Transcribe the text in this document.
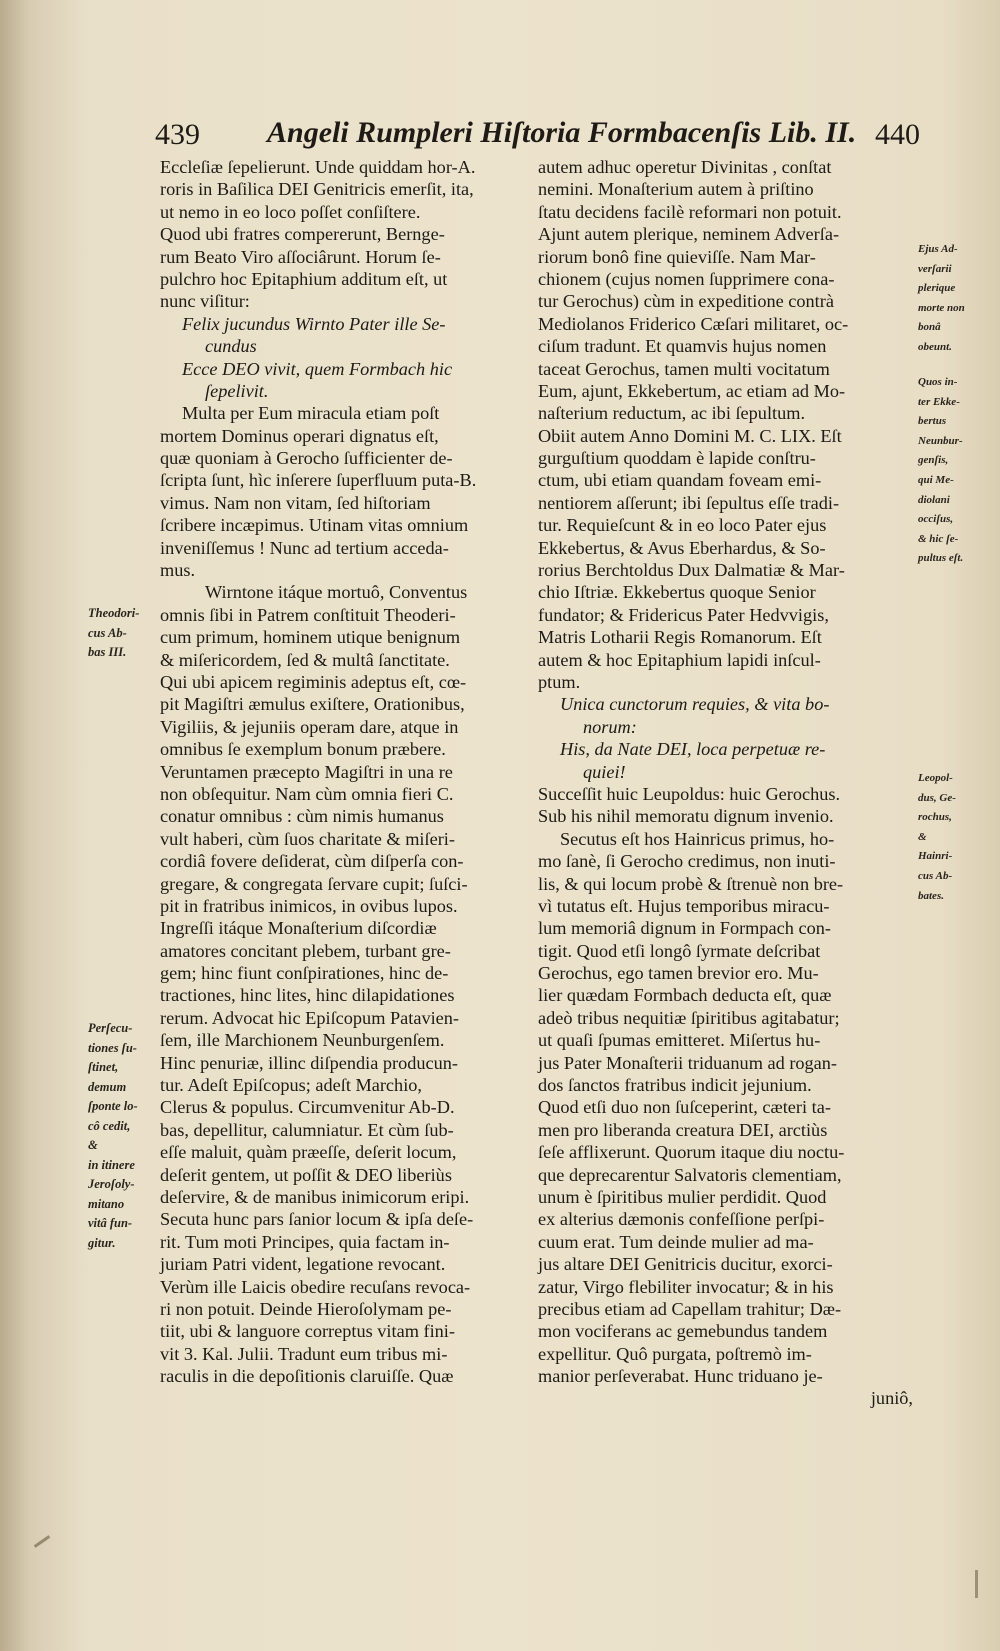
439 Angeli Rumpleri Hiſtoria Formbacenſis Lib. II. 440
Eccleſiæ ſepelierunt. Unde quiddam hor-A.
roris in Baſilica DEI Genitricis emerſit, ita,
ut nemo in eo loco poſſet conſiſtere.
Quod ubi fratres compererunt, Bernge-
rum Beato Viro aſſociârunt. Horum ſe-
pulchro hoc Epitaphium additum eſt, ut
nunc viſitur:
Felix jucundus Wirnto Pater ille Se-
cundus
Ecce DEO vivit, quem Formbach hic
ſepelivit.
Multa per Eum miracula etiam poſt
mortem Dominus operari dignatus eſt,
quæ quoniam à Gerocho ſufficienter de-
ſcripta ſunt, hìc inſerere ſuperfluum puta-B.
vimus. Nam non vitam, ſed hiſtoriam
ſcribere incæpimus. Utinam vitas omnium
inveniſſemus ! Nunc ad tertium acceda-
mus.
Wirntone itáque mortuô, Conventus
omnis ſibi in Patrem conſtituit Theoderi-
cum primum, hominem utique benignum
& miſericordem, ſed & multâ ſanctitate.
Qui ubi apicem regiminis adeptus eſt, cœ-
pit Magiſtri æmulus exiſtere, Orationibus,
Vigiliis, & jejuniis operam dare, atque in
omnibus ſe exemplum bonum præbere.
Veruntamen præcepto Magiſtri in una re
non obſequitur. Nam cùm omnia fieri C.
conatur omnibus : cùm nimis humanus
vult haberi, cùm ſuos charitate & miſeri-
cordiâ fovere deſiderat, cùm diſperſa con-
gregare, & congregata ſervare cupit; ſuſci-
pit in fratribus inimicos, in ovibus lupos.
Ingreſſi itáque Monaſterium diſcordiæ
amatores concitant plebem, turbant gre-
gem; hinc fiunt conſpirationes, hinc de-
tractiones, hinc lites, hinc dilapidationes
rerum. Advocat hic Epiſcopum Patavien-
ſem, ille Marchionem Neunburgenſem.
Hinc penuriæ, illinc diſpendia producun-
tur. Adeſt Epiſcopus; adeſt Marchio,
Clerus & populus. Circumvenitur Ab-D.
bas, depellitur, calumniatur. Et cùm ſub-
eſſe maluit, quàm præeſſe, deſerit locum,
deſerit gentem, ut poſſit & DEO liberiùs
deſervire, & de manibus inimicorum eripi.
Secuta hunc pars ſanior locum & ipſa deſe-
rit. Tum moti Principes, quia factam in-
juriam Patri vident, legatione revocant.
Verùm ille Laicis obedire recuſans revoca-
ri non potuit. Deinde Hieroſolymam pe-
tiit, ubi & languore correptus vitam fini-
vit 3. Kal. Julii. Tradunt eum tribus mi-
raculis in die depoſitionis claruiſſe. Quæ
autem adhuc operetur Divinitas , conſtat
nemini. Monaſterium autem à priſtino
ſtatu decidens facilè reformari non potuit.
Ajunt autem plerique, neminem Adverſa-
riorum bonô fine quieviſſe. Nam Mar-
chionem (cujus nomen ſupprimere cona-
tur Gerochus) cùm in expeditione contrà
Mediolanos Friderico Cæſari militaret, oc-
ciſum tradunt. Et quamvis hujus nomen
taceat Gerochus, tamen multi vocitatum
Eum, ajunt, Ekkebertum, ac etiam ad Mo-
naſterium reductum, ac ibi ſepultum.
Obiit autem Anno Domini M. C. LIX. Eſt
gurguſtium quoddam è lapide conſtru-
ctum, ubi etiam quandam foveam emi-
nentiorem aſſerunt; ibi ſepultus eſſe tradi-
tur. Requieſcunt & in eo loco Pater ejus
Ekkebertus, & Avus Eberhardus, & So-
rorius Berchtoldus Dux Dalmatiæ & Mar-
chio Iſtriæ. Ekkebertus quoque Senior
fundator; & Fridericus Pater Hedvvigis,
Matris Lotharii Regis Romanorum. Eſt
autem & hoc Epitaphium lapidi inſcul-
ptum.
Unica cunctorum requies, & vita bo-
norum:
His, da Nate DEI, loca perpetuæ re-
quiei!
Succeſſit huic Leupoldus: huic Gerochus.
Sub his nihil memoratu dignum invenio.
Secutus eſt hos Hainricus primus, ho-
mo ſanè, ſi Gerocho credimus, non inuti-
lis, & qui locum probè & ſtrenuè non bre-
vì tutatus eſt. Hujus temporibus miracu-
lum memoriâ dignum in Formpach con-
tigit. Quod etſi longô ſyrmate deſcribat
Gerochus, ego tamen brevior ero. Mu-
lier quædam Formbach deducta eſt, quæ
adeò tribus nequitiæ ſpiritibus agitabatur;
ut quaſi ſpumas emitteret. Miſertus hu-
jus Pater Monaſterii triduanum ad rogan-
dos ſanctos fratribus indicit jejunium.
Quod etſi duo non ſuſceperint, cæteri ta-
men pro liberanda creatura DEI, arctiùs
ſeſe afflixerunt. Quorum itaque diu noctu-
que deprecarentur Salvatoris clementiam,
unum è ſpiritibus mulier perdidit. Quod
ex alterius dæmonis confeſſione perſpi-
cuum erat. Tum deinde mulier ad ma-
jus altare DEI Genitricis ducitur, exorci-
zatur, Virgo flebiliter invocatur; & in his
precibus etiam ad Capellam trahitur; Dæ-
mon vociferans ac gemebundus tandem
expellitur. Quô purgata, poſtremò im-
manior perſeverabat. Hunc triduano je-
juniô,
Theodori-
cus Ab-
bas III.
Perſecu-
tiones ſu-
ſtinet,
demum
ſponte lo-
cô cedit,
&
in itinere
Jeroſoly-
mitano
vitâ fun-
gitur.
Ejus Ad-
verſarii
plerique
morte non
bonâ
obeunt.
Quos in-
ter Ekke-
bertus
Neunbur-
genſis,
qui Me-
diolani
occiſus,
& hic ſe-
pultus eſt.
Leopol-
dus, Ge-
rochus,
&
Hainri-
cus Ab-
bates.
